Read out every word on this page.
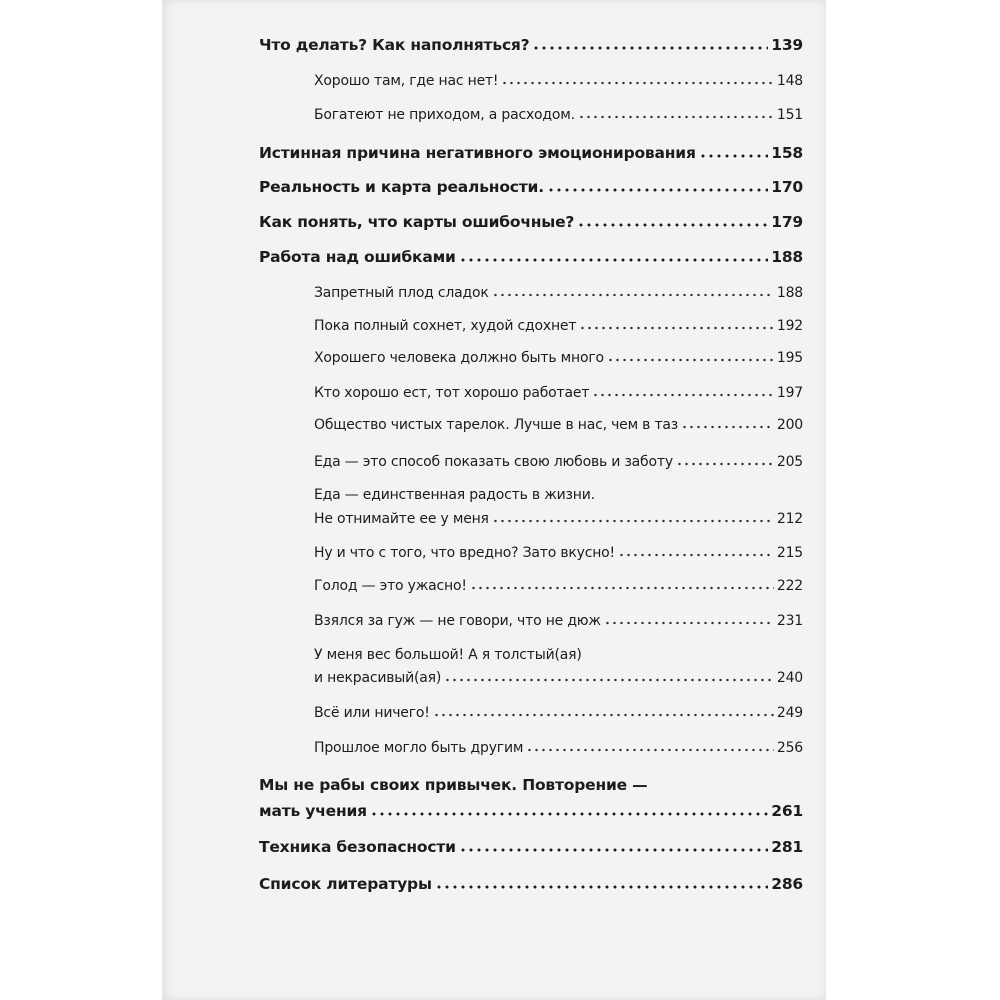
Что делать? Как наполняться?	139
Хорошо там, где нас нет!	148
Богатеют не приходом, а расходом.	151
Истинная причина негативного эмоционирования	158
Реальность и карта реальности.	170
Как понять, что карты ошибочные?	179
Работа над ошибками	188
Запретный плод сладок	188
Пока полный сохнет, худой сдохнет	192
Хорошего человека должно быть много	195
Кто хорошо ест, тот хорошо работает	197
Общество чистых тарелок. Лучше в нас, чем в таз	200
Еда — это способ показать свою любовь и заботу	205
Еда — единственная радость в жизни.
Не отнимайте ее у меня	212
Ну и что с того, что вредно? Зато вкусно!	215
Голод — это ужасно!	222
Взялся за гуж — не говори, что не дюж	231
У меня вес большой! А я толстый(ая)
и некрасивый(ая)	240
Всё или ничего!	249
Прошлое могло быть другим	256
Мы не рабы своих привычек. Повторение —
мать учения	261
Техника безопасности	281
Список литературы	286
